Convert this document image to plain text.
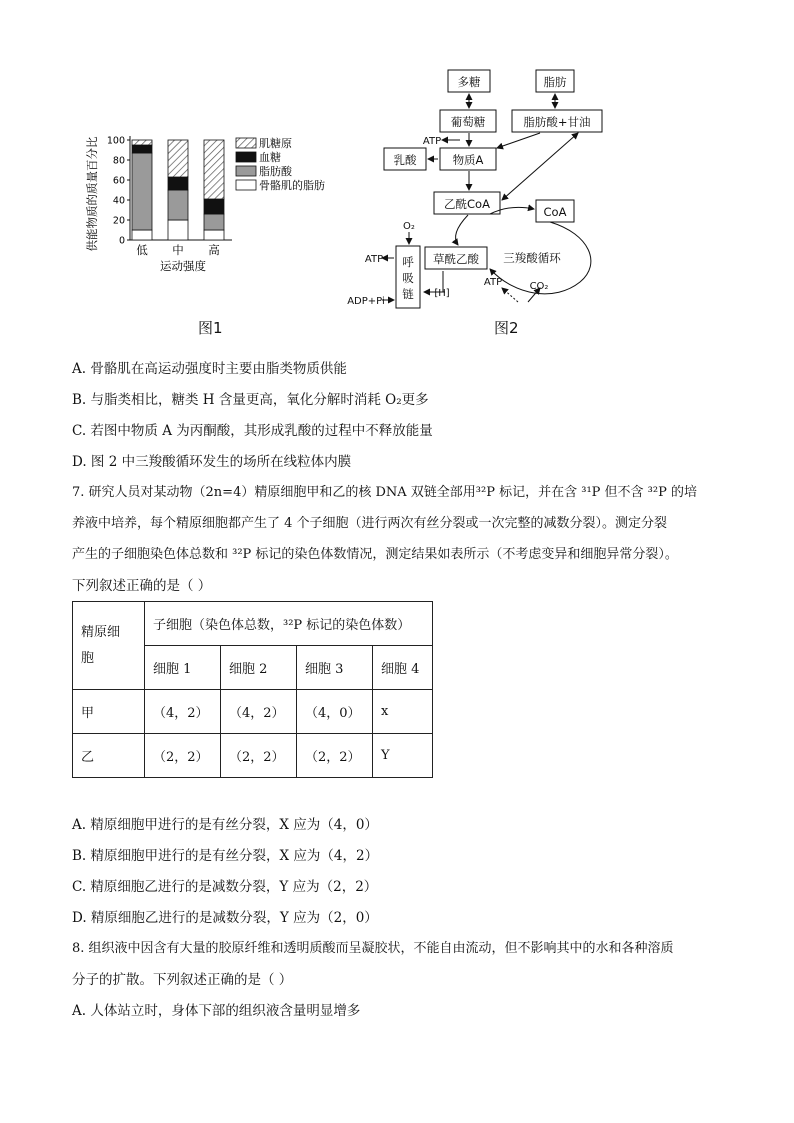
供能物质的质量百分比 0
20
40
60
80
100
低 中 高
运动强度
肌糖原
血糖
脂肪酸
骨骼肌的脂肪
图1
多糖	脂肪
葡萄糖	脂肪酸+甘油
乳酸	物质A
乙酰CoA
CoA
草酰乙酸 三羧酸循环
呼
吸
链
O₂
ATP
ATP
ADP+Pi
[H]
ATP	CO₂
图2
A. 骨骼肌在高运动强度时主要由脂类物质供能
B. 与脂类相比，糖类 H 含量更高，氧化分解时消耗 O₂更多
C. 若图中物质 A 为丙酮酸，其形成乳酸的过程中不释放能量
D. 图 2 中三羧酸循环发生的场所在线粒体内膜
7. 研究人员对某动物（2n=4）精原细胞甲和乙的核 DNA 双链全部用³²P 标记，并在含 ³¹P 但不含 ³²P 的培
养液中培养，每个精原细胞都产生了 4 个子细胞（进行两次有丝分裂或一次完整的减数分裂）。测定分裂
产生的子细胞染色体总数和 ³²P 标记的染色体数情况，测定结果如表所示（不考虑变异和细胞异常分裂）。
下列叙述正确的是（ ）
精原细
胞	子细胞（染色体总数，³²P 标记的染色体数）			
	细胞 1	细胞 2	细胞 3	细胞 4
甲	（4，2）	（4，2）	（4，0）	x
乙	（2，2）	（2，2）	（2，2）	Y
A. 精原细胞甲进行的是有丝分裂，X 应为（4，0）
B. 精原细胞甲进行的是有丝分裂，X 应为（4，2）
C. 精原细胞乙进行的是减数分裂，Y 应为（2，2）
D. 精原细胞乙进行的是减数分裂，Y 应为（2，0）
8. 组织液中因含有大量的胶原纤维和透明质酸而呈凝胶状，不能自由流动，但不影响其中的水和各种溶质
分子的扩散。下列叙述正确的是（ ）
A. 人体站立时，身体下部的组织液含量明显增多
